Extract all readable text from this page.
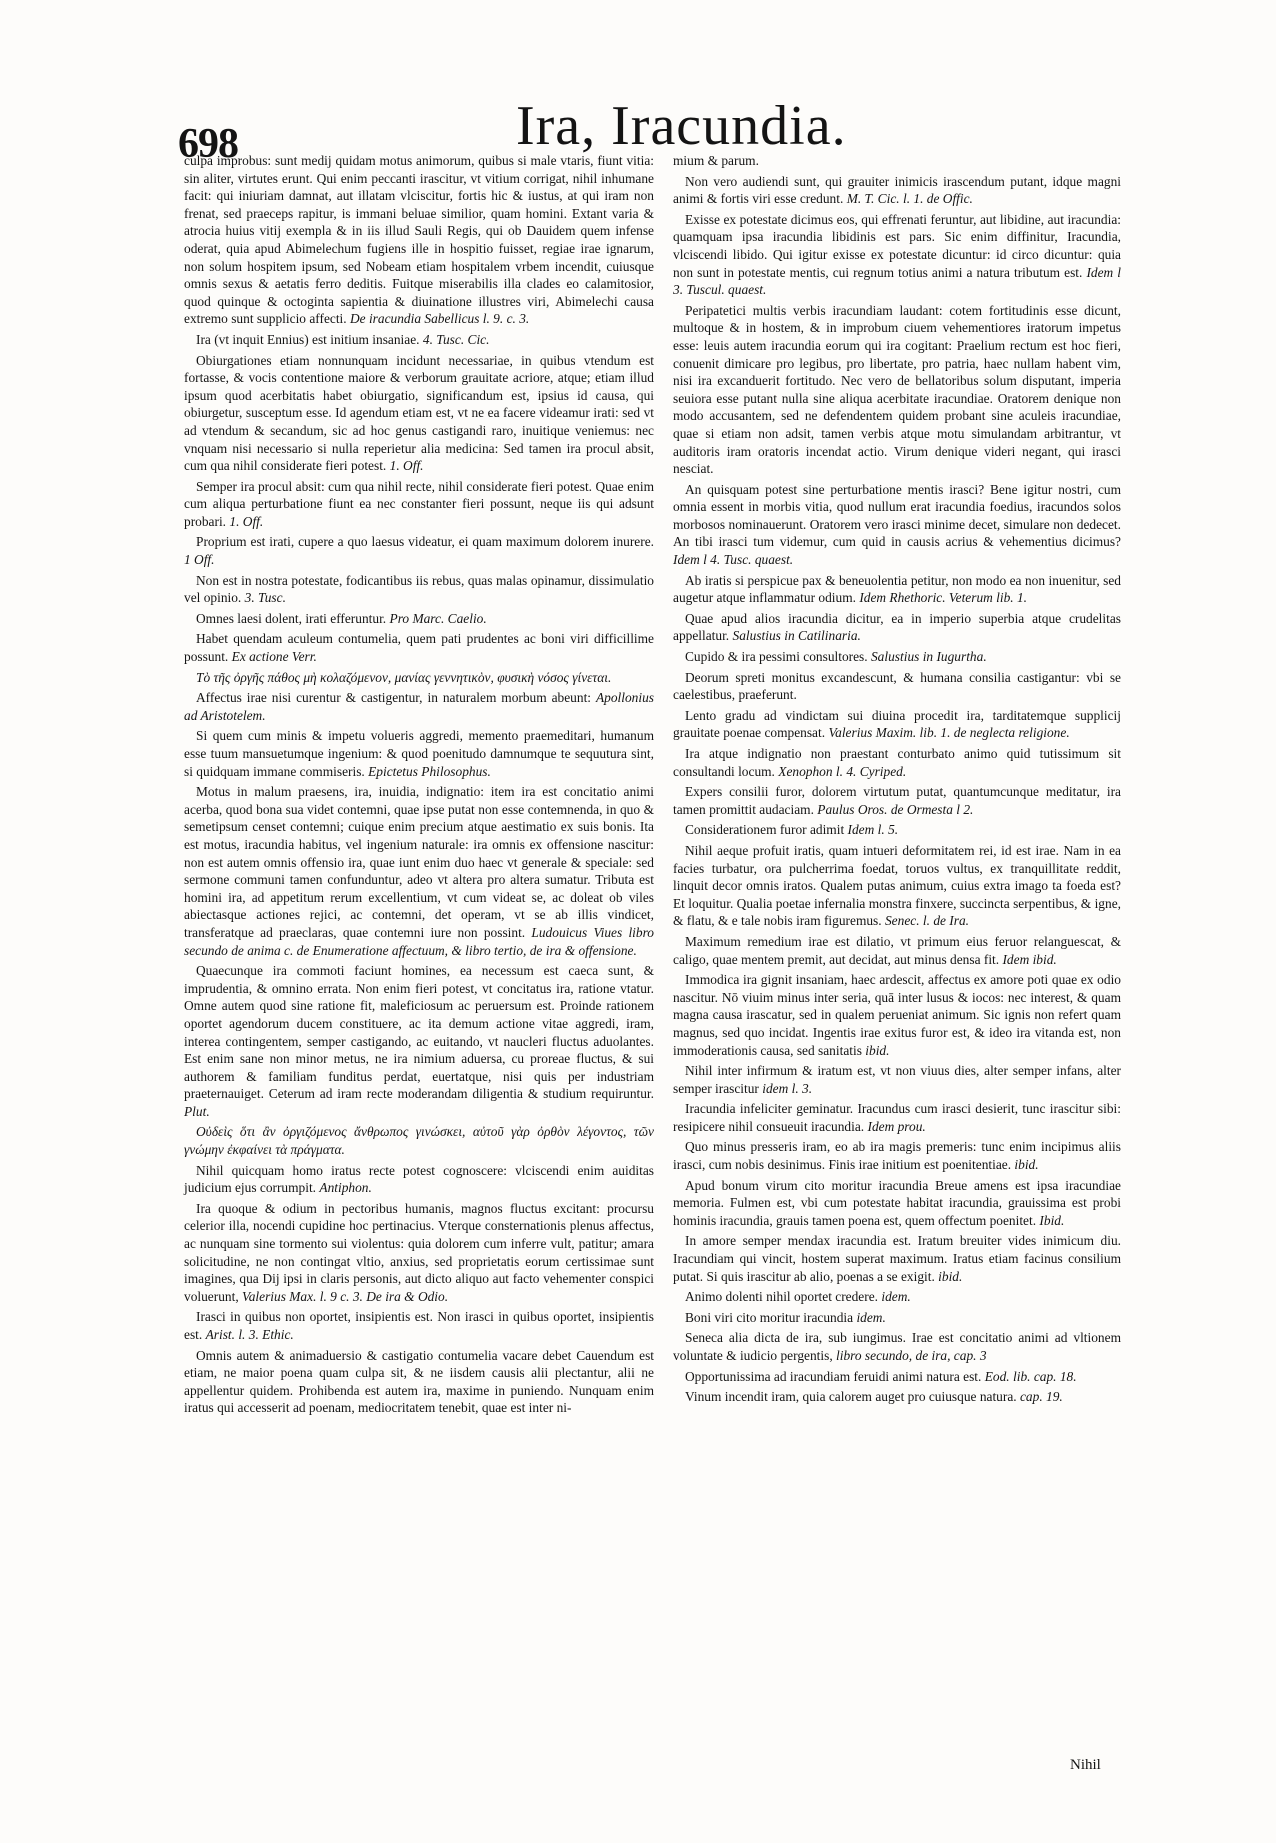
698	Ira, Iracundia.

culpa improbus: sunt medij quidam motus animorum, quibus si male vtaris, fiunt vitia: sin aliter, virtutes erunt. Qui enim peccanti irascitur, vt vitium corrigat, nihil inhumane facit: qui iniuriam damnat, aut illatam vlciscitur, fortis hic & iustus, at qui iram non frenat, sed praeceps rapitur, is immani beluae similior, quam homini. Extant varia & atrocia huius vitij exempla & in iis illud Sauli Regis, qui ob Dauidem quem infense oderat, quia apud Abimelechum fugiens ille in hospitio fuisset, regiae irae ignarum, non solum hospitem ipsum, sed Nobeam etiam hospitalem vrbem incendit, cuiusque omnis sexus & aetatis ferro deditis. Fuitque miserabilis illa clades eo calamitosior, quod quinque & octoginta sapientia & diuinatione illustres viri, Abimelechi causa extremo sunt supplicio affecti. De iracundia Sabellicus l. 9. c. 3.

Ira (vt inquit Ennius) est initium insaniae. 4. Tusc. Cic.

Obiurgationes etiam nonnunquam incidunt necessariae, in quibus vtendum est fortasse, & vocis contentione maiore & verborum grauitate acriore, atque; etiam illud ipsum quod acerbitatis habet obiurgatio, significandum est, ipsius id causa, qui obiurgetur, susceptum esse. Id agendum etiam est, vt ne ea facere videamur irati: sed vt ad vtendum & secandum, sic ad hoc genus castigandi raro, inuitique veniemus: nec vnquam nisi necessario si nulla reperietur alia medicina: Sed tamen ira procul absit, cum qua nihil considerate fieri potest. 1. Off.

Semper ira procul absit: cum qua nihil recte, nihil considerate fieri potest. Quae enim cum aliqua perturbatione fiunt ea nec constanter fieri possunt, neque iis qui adsunt probari. 1. Off.

Proprium est irati, cupere a quo laesus videatur, ei quam maximum dolorem inurere. 1 Off.

Non est in nostra potestate, fodicantibus iis rebus, quas malas opinamur, dissimulatio vel opinio. 3. Tusc.

Omnes laesi dolent, irati efferuntur. Pro Marc. Caelio.

Habet quendam aculeum contumelia, quem pati prudentes ac boni viri difficillime possunt. Ex actione Verr.

Τὸ τῆς ὀργῆς πάθος μὴ κολαζόμενον, μανίας γεννητικὸν, φυσικὴ νόσος γίνεται.

Affectus irae nisi curentur & castigentur, in naturalem morbum abeunt: Apollonius ad Aristotelem.

Si quem cum minis & impetu volueris aggredi, memento praemeditari, humanum esse tuum mansuetumque ingenium: & quod poenitudo damnumque te sequutura sint, si quidquam immane commiseris. Epictetus Philosophus.

Motus in malum praesens, ira, inuidia, indignatio: item ira est concitatio animi acerba, quod bona sua videt contemni, quae ipse putat non esse contemnenda, in quo & semetipsum censet contemni; cuique enim precium atque aestimatio ex suis bonis. Ita est motus, iracundia habitus, vel ingenium naturale: ira omnis ex offensione nascitur: non est autem omnis offensio ira, quae iunt enim duo haec vt generale & speciale: sed sermone communi tamen confunduntur, adeo vt altera pro altera sumatur. Tributa est homini ira, ad appetitum rerum excellentium, vt cum videat se, ac doleat ob viles abiectasque actiones rejici, ac contemni, det operam, vt se ab illis vindicet, transferatque ad praeclaras, quae contemni iure non possint. Ludouicus Viues libro secundo de anima c. de Enumeratione affectuum, & libro tertio, de ira & offensione.

Quaecunque ira commoti faciunt homines, ea necessum est caeca sunt, & imprudentia, & omnino errata. Non enim fieri potest, vt concitatus ira, ratione vtatur. Omne autem quod sine ratione fit, maleficiosum ac peruersum est. Proinde rationem oportet agendorum ducem constituere, ac ita demum actione vitae aggredi, iram, interea contingentem, semper castigando, ac euitando, vt naucleri fluctus aduolantes. Est enim sane non minor metus, ne ira nimium aduersa, cu proreae fluctus, & sui authorem & familiam funditus perdat, euertatque, nisi quis per industriam praeternauiget. Ceterum ad iram recte moderandam diligentia & studium requiruntur. Plut.

Οὐδεὶς ὅτι ἂν ὀργιζόμενος ἄνθρωπος γινώσκει, αὐτοῦ γὰρ ὀρθὸν λέγοντος, τῶν γνώμην ἐκφαίνει τὰ πράγματα.

Nihil quicquam homo iratus recte potest cognoscere: vlciscendi enim auiditas judicium ejus corrumpit. Antiphon.

Ira quoque & odium in pectoribus humanis, magnos fluctus excitant: procursu celerior illa, nocendi cupidine hoc pertinacius. Vterque consternationis plenus affectus, ac nunquam sine tormento sui violentus: quia dolorem cum inferre vult, patitur; amara solicitudine, ne non contingat vltio, anxius, sed proprietatis eorum certissimae sunt imagines, qua Dij ipsi in claris personis, aut dicto aliquo aut facto vehementer conspici voluerunt, Valerius Max. l. 9 c. 3. De ira & Odio.

Irasci in quibus non oportet, insipientis est. Non irasci in quibus oportet, insipientis est. Arist. l. 3. Ethic.

Omnis autem & animaduersio & castigatio contumelia vacare debet Cauendum est etiam, ne maior poena quam culpa sit, & ne iisdem causis alii plectantur, alii ne appellentur quidem. Prohibenda est autem ira, maxime in puniendo. Nunquam enim iratus qui accesserit ad poenam, mediocritatem tenebit, quae est inter ni-

mium & parum.

Non vero audiendi sunt, qui grauiter inimicis irascendum putant, idque magni animi & fortis viri esse credunt. M. T. Cic. l. 1. de Offic.

Exisse ex potestate dicimus eos, qui effrenati feruntur, aut libidine, aut iracundia: quamquam ipsa iracundia libidinis est pars. Sic enim diffinitur, Iracundia, vlciscendi libido. Qui igitur exisse ex potestate dicuntur: id circo dicuntur: quia non sunt in potestate mentis, cui regnum totius animi a natura tributum est. Idem l 3. Tuscul. quaest.

Peripatetici multis verbis iracundiam laudant: cotem fortitudinis esse dicunt, multoque & in hostem, & in improbum ciuem vehementiores iratorum impetus esse: leuis autem iracundia eorum qui ira cogitant: Praelium rectum est hoc fieri, conuenit dimicare pro legibus, pro libertate, pro patria, haec nullam habent vim, nisi ira excanduerit fortitudo. Nec vero de bellatoribus solum disputant, imperia seuiora esse putant nulla sine aliqua acerbitate iracundiae. Oratorem denique non modo accusantem, sed ne defendentem quidem probant sine aculeis iracundiae, quae si etiam non adsit, tamen verbis atque motu simulandam arbitrantur, vt auditoris iram oratoris incendat actio. Virum denique videri negant, qui irasci nesciat.

An quisquam potest sine perturbatione mentis irasci? Bene igitur nostri, cum omnia essent in morbis vitia, quod nullum erat iracundia foedius, iracundos solos morbosos nominauerunt. Oratorem vero irasci minime decet, simulare non dedecet. An tibi irasci tum videmur, cum quid in causis acrius & vehementius dicimus? Idem l 4. Tusc. quaest.

Ab iratis si perspicue pax & beneuolentia petitur, non modo ea non inuenitur, sed augetur atque inflammatur odium. Idem Rhethoric. Veterum lib. 1.

Quae apud alios iracundia dicitur, ea in imperio superbia atque crudelitas appellatur. Salustius in Catilinaria.

Cupido & ira pessimi consultores. Salustius in Iugurtha.

Deorum spreti monitus excandescunt, & humana consilia castigantur: vbi se caelestibus, praeferunt.

Lento gradu ad vindictam sui diuina procedit ira, tarditatemque supplicij grauitate poenae compensat. Valerius Maxim. lib. 1. de neglecta religione.

Ira atque indignatio non praestant conturbato animo quid tutissimum sit consultandi locum. Xenophon l. 4. Cyriped.

Expers consilii furor, dolorem virtutum putat, quantumcunque meditatur, ira tamen promittit audaciam. Paulus Oros. de Ormesta l 2.

Considerationem furor adimit Idem l. 5.

Nihil aeque profuit iratis, quam intueri deformitatem rei, id est irae. Nam in ea facies turbatur, ora pulcherrima foedat, toruos vultus, ex tranquillitate reddit, linquit decor omnis iratos. Qualem putas animum, cuius extra imago ta foeda est? Et loquitur. Qualia poetae infernalia monstra finxere, succincta serpentibus, & igne, & flatu, & e tale nobis iram figuremus. Senec. l. de Ira.

Maximum remedium irae est dilatio, vt primum eius feruor relanguescat, & caligo, quae mentem premit, aut decidat, aut minus densa fit. Idem ibid.

Immodica ira gignit insaniam, haec ardescit, affectus ex amore poti quae ex odio nascitur. Nō viuim minus inter seria, quā inter lusus & iocos: nec interest, & quam magna causa irascatur, sed in qualem perueniat animum. Sic ignis non refert quam magnus, sed quo incidat. Ingentis irae exitus furor est, & ideo ira vitanda est, non immoderationis causa, sed sanitatis ibid.

Nihil inter infirmum & iratum est, vt non viuus dies, alter semper infans, alter semper irascitur idem l. 3.

Iracundia infeliciter geminatur. Iracundus cum irasci desierit, tunc irascitur sibi: resipicere nihil consueuit iracundia. Idem prou.

Quo minus presseris iram, eo ab ira magis premeris: tunc enim incipimus aliis irasci, cum nobis desinimus. Finis irae initium est poenitentiae. ibid.

Apud bonum virum cito moritur iracundia Breue amens est ipsa iracundiae memoria. Fulmen est, vbi cum potestate habitat iracundia, grauissima est probi hominis iracundia, grauis tamen poena est, quem offectum poenitet. Ibid.

In amore semper mendax iracundia est. Iratum breuiter vides inimicum diu. Iracundiam qui vincit, hostem superat maximum. Iratus etiam facinus consilium putat. Si quis irascitur ab alio, poenas a se exigit. ibid.

Animo dolenti nihil oportet credere. idem.

Boni viri cito moritur iracundia idem.

Seneca alia dicta de ira, sub iungimus. Irae est concitatio animi ad vltionem voluntate & iudicio pergentis, libro secundo, de ira, cap. 3

Opportunissima ad iracundiam feruidi animi natura est. Eod. lib. cap. 18.

Vinum incendit iram, quia calorem auget pro cuiusque natura. cap. 19.

Nihil
